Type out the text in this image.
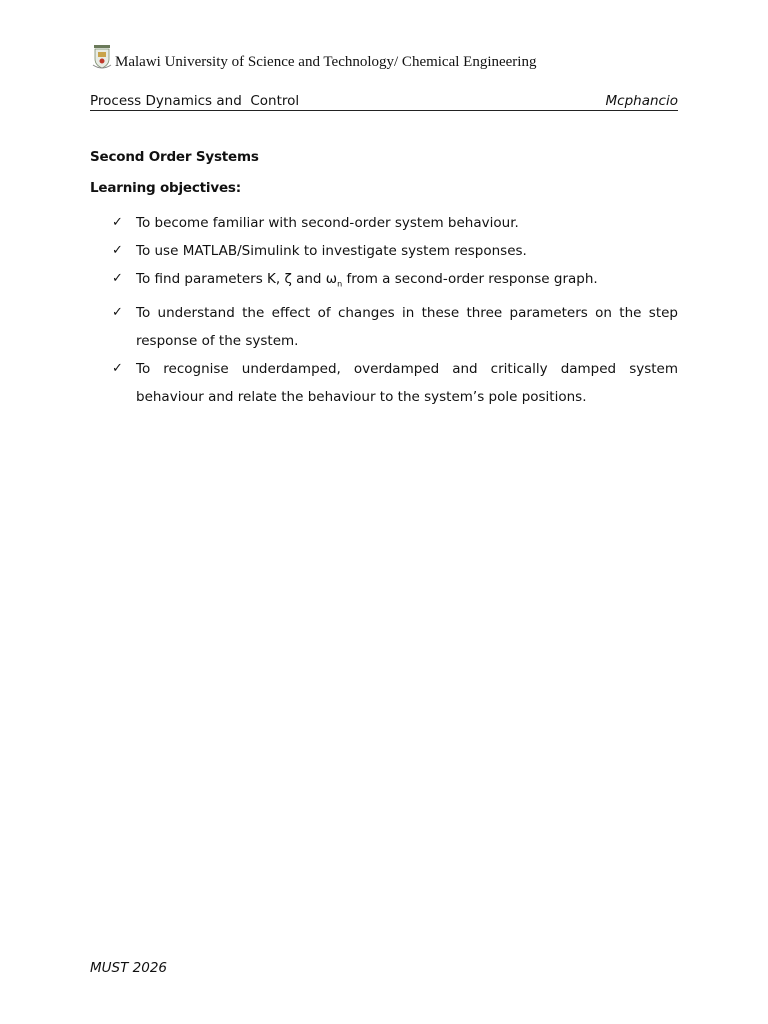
Malawi University of Science and Technology/ Chemical Engineering
Process Dynamics and  Control	Mcphancio
Second Order Systems
Learning objectives:
✓ To become familiar with second-order system behaviour.
✓ To use MATLAB/Simulink to investigate system responses.
✓ To find parameters K, ζ and $\omega_n$ from a second-order response graph.
✓ To understand the effect of changes in these three parameters on the step response of the system.
✓ To recognise underdamped, overdamped and critically damped system behaviour and relate the behaviour to the system’s pole positions.
MUST 2026
